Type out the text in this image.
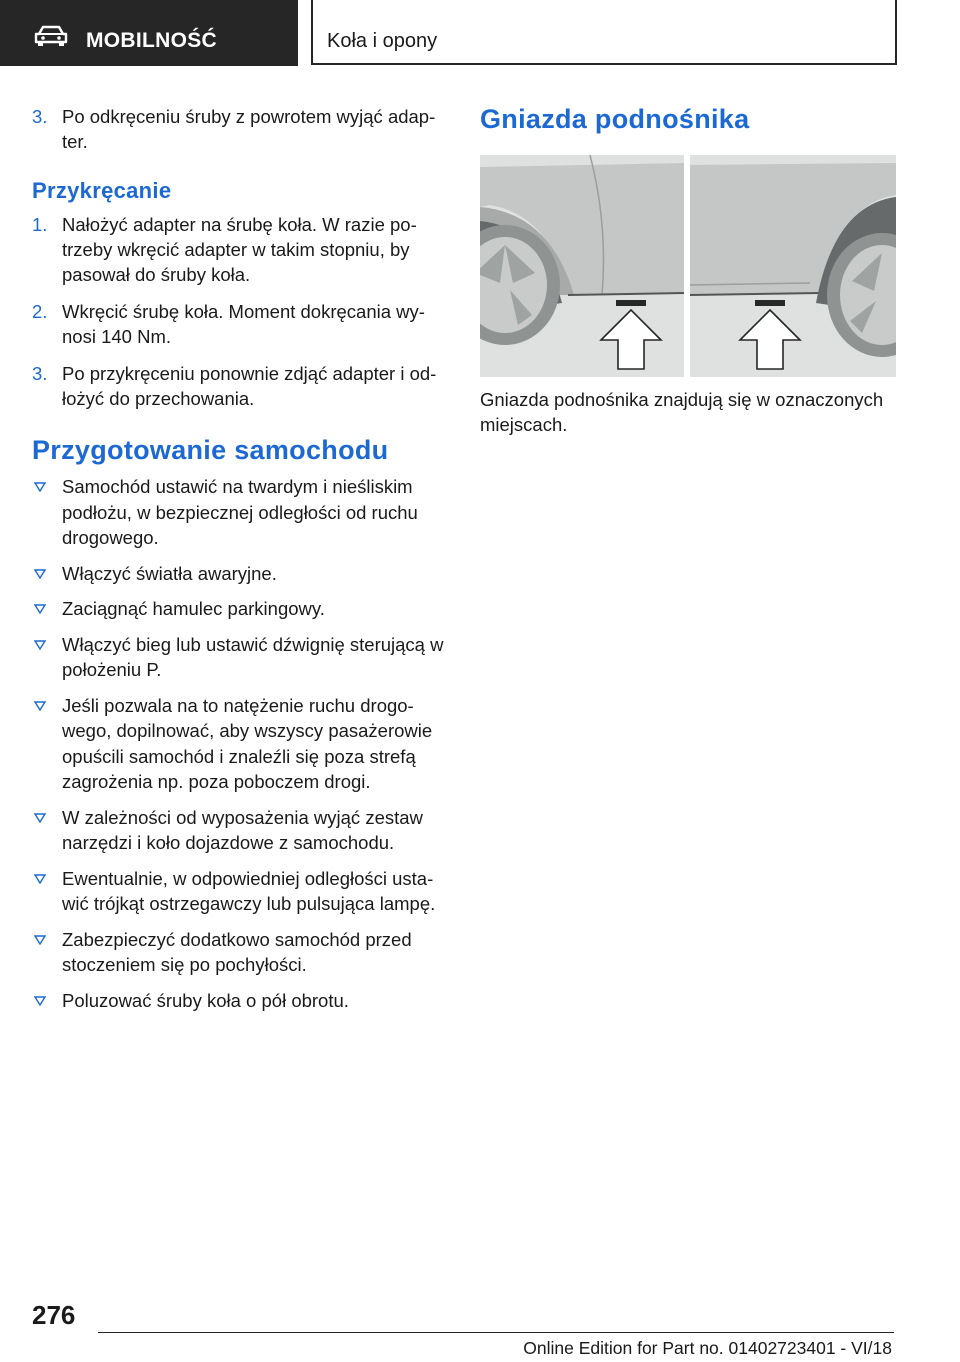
MOBILNOŚĆ	Koła i opony
3. Po odkręceniu śruby z powrotem wyjąć adap‐ter.
Przykręcanie
1. Nałożyć adapter na śrubę koła. W razie po‐trzeby wkręcić adapter w takim stopniu, by pasował do śruby koła.
2. Wkręcić śrubę koła. Moment dokręcania wy‐nosi 140 Nm.
3. Po przykręceniu ponownie zdjąć adapter i od‐łożyć do przechowania.
Przygotowanie samochodu
Samochód ustawić na twardym i nieśliskim podłożu, w bezpiecznej odległości od ruchu drogowego.
Włączyć światła awaryjne.
Zaciągnąć hamulec parkingowy.
Włączyć bieg lub ustawić dźwignię sterującą w położeniu P.
Jeśli pozwala na to natężenie ruchu drogo‐wego, dopilnować, aby wszyscy pasażerowie opuścili samochód i znaleźli się poza strefą zagrożenia np. poza poboczem drogi.
W zależności od wyposażenia wyjąć zestaw narzędzi i koło dojazdowe z samochodu.
Ewentualnie, w odpowiedniej odległości usta‐wić trójkąt ostrzegawczy lub pulsująca lampę.
Zabezpieczyć dodatkowo samochód przed stoczeniem się po pochyłości.
Poluzować śruby koła o pół obrotu.
Gniazda podnośnika
Gniazda podnośnika znajdują się w oznaczonych miejscach.
276
Online Edition for Part no. 01402723401 - VI/18
